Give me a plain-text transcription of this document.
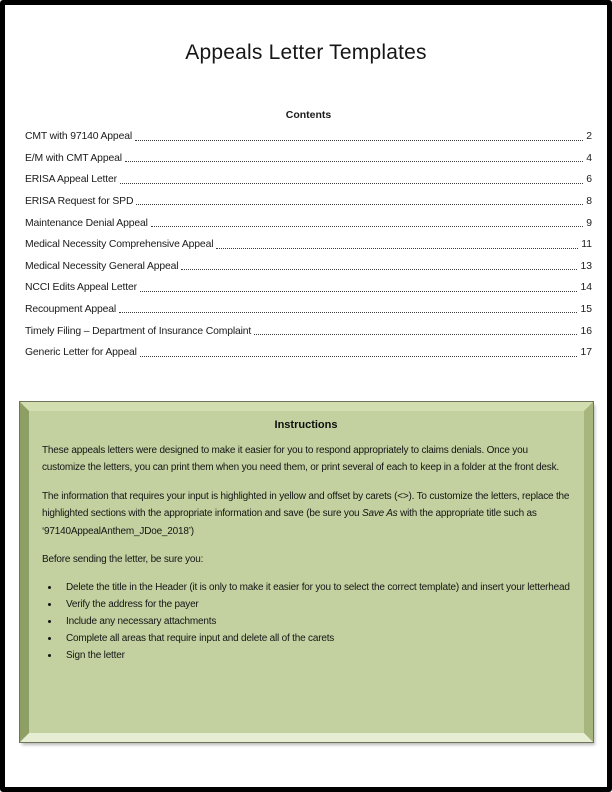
Appeals Letter Templates
Contents
CMT with 97140 Appeal	2
E/M with CMT Appeal	4
ERISA Appeal Letter	6
ERISA Request for SPD	8
Maintenance Denial Appeal	9
Medical Necessity Comprehensive Appeal	11
Medical Necessity General Appeal	13
NCCI Edits Appeal Letter	14
Recoupment Appeal	15
Timely Filing – Department of Insurance Complaint	16
Generic Letter for Appeal	17
Instructions

These appeals letters were designed to make it easier for you to respond appropriately to claims denials. Once you customize the letters, you can print them when you need them, or print several of each to keep in a folder at the front desk.

The information that requires your input is highlighted in yellow and offset by carets (<>). To customize the letters, replace the highlighted sections with the appropriate information and save (be sure you Save As with the appropriate title such as ‘97140AppealAnthem_JDoe_2018’)

Before sending the letter, be sure you:

• Delete the title in the Header (it is only to make it easier for you to select the correct template) and insert your letterhead
• Verify the address for the payer
• Include any necessary attachments
• Complete all areas that require input and delete all of the carets
• Sign the letter
